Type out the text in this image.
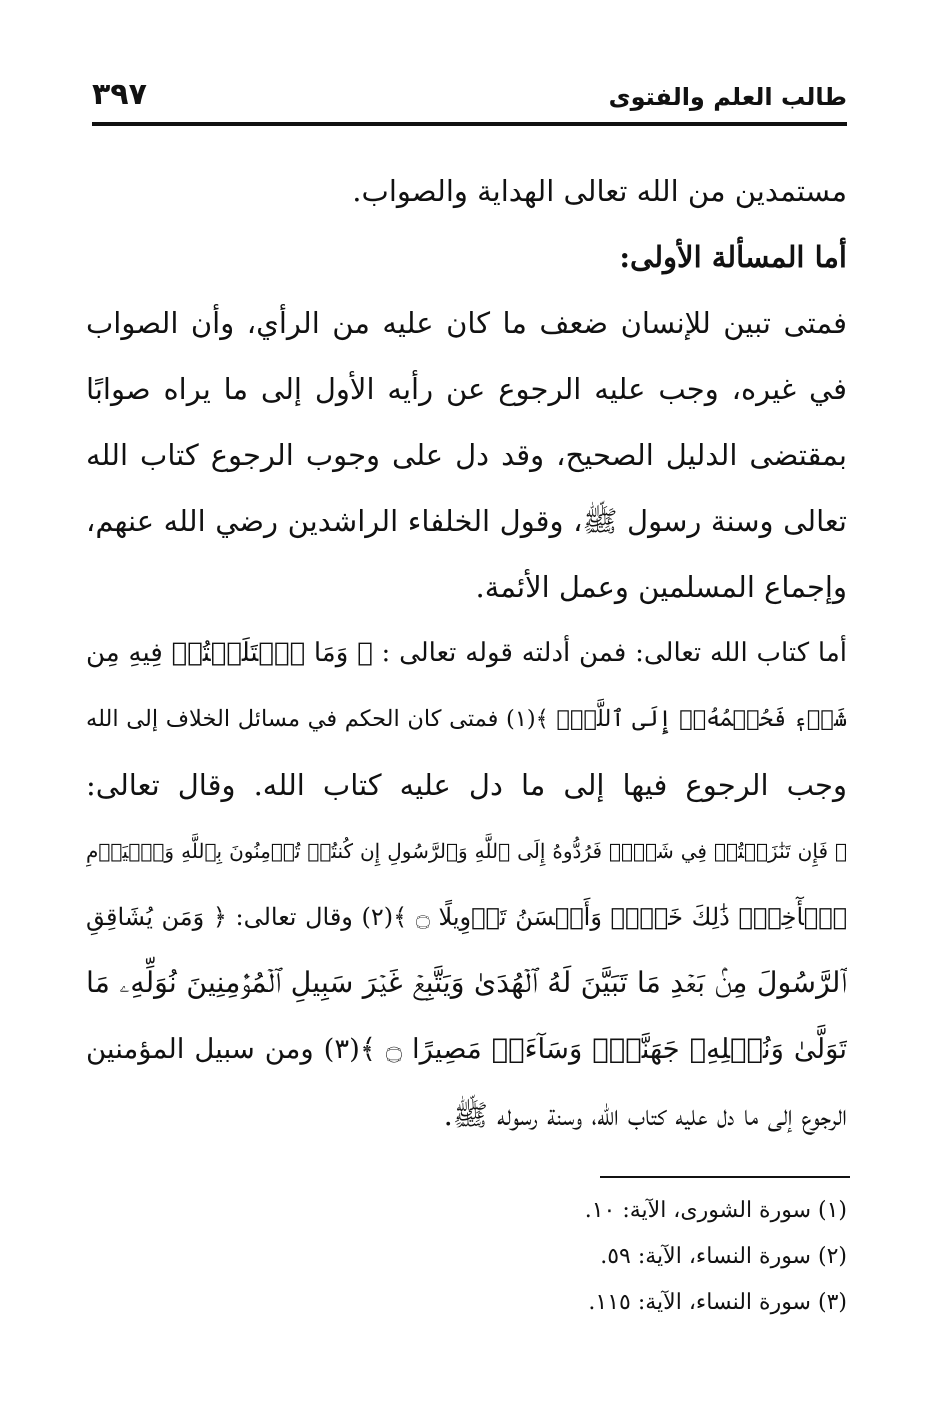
٣٩٧	طالب العلم والفتوى
مستمدين من الله تعالى الهداية والصواب.
أما المسألة الأولى:
فمتى تبين للإنسان ضعف ما كان عليه من الرأي، وأن الصواب
في غيره، وجب عليه الرجوع عن رأيه الأول إلى ما يراه صوابًا
بمقتضى الدليل الصحيح، وقد دل على وجوب الرجوع كتاب الله
تعالى وسنة رسول ﷺ، وقول الخلفاء الراشدين رضي الله عنهم،
وإجماع المسلمين وعمل الأئمة.
أما كتاب الله تعالى: فمن أدلته قوله تعالى : ﴿ وَمَا ٱخۡتَلَفۡتُمۡ فِيهِ مِن
شَيۡءٖ فَحُكۡمُهُۥٓ إِلَى ٱللَّهِۚ ﴾(١) فمتى كان الحكم في مسائل الخلاف إلى الله
وجب الرجوع فيها إلى ما دل عليه كتاب الله. وقال تعالى:
﴿ فَإِن تَنَٰزَعۡتُمۡ فِي شَيۡءٖ فَرُدُّوهُ إِلَى ٱللَّهِ وَٱلرَّسُولِ إِن كُنتُمۡ تُؤۡمِنُونَ بِٱللَّهِ وَٱلۡيَوۡمِ
ٱلۡأٓخِرِۚ ذَٰلِكَ خَيۡرٞ وَأَحۡسَنُ تَأۡوِيلًا ۝ ﴾(٢) وقال تعالى: ﴿ وَمَن يُشَاقِقِ
ٱلرَّسُولَ مِنۢ بَعۡدِ مَا تَبَيَّنَ لَهُ ٱلۡهُدَىٰ وَيَتَّبِعۡ غَيۡرَ سَبِيلِ ٱلۡمُؤۡمِنِينَ نُوَلِّهِۦ مَا
تَوَلَّىٰ وَنُصۡلِهِۦ جَهَنَّمَۖ وَسَآءَتۡ مَصِيرًا ۝ ﴾(٣) ومن سبيل المؤمنين
الرجوع إلى ما دل عليه كتاب الله، وسنة رسوله ﷺ.
(١) سورة الشورى، الآية: ١٠.
(٢) سورة النساء، الآية: ٥٩.
(٣) سورة النساء، الآية: ١١٥.
